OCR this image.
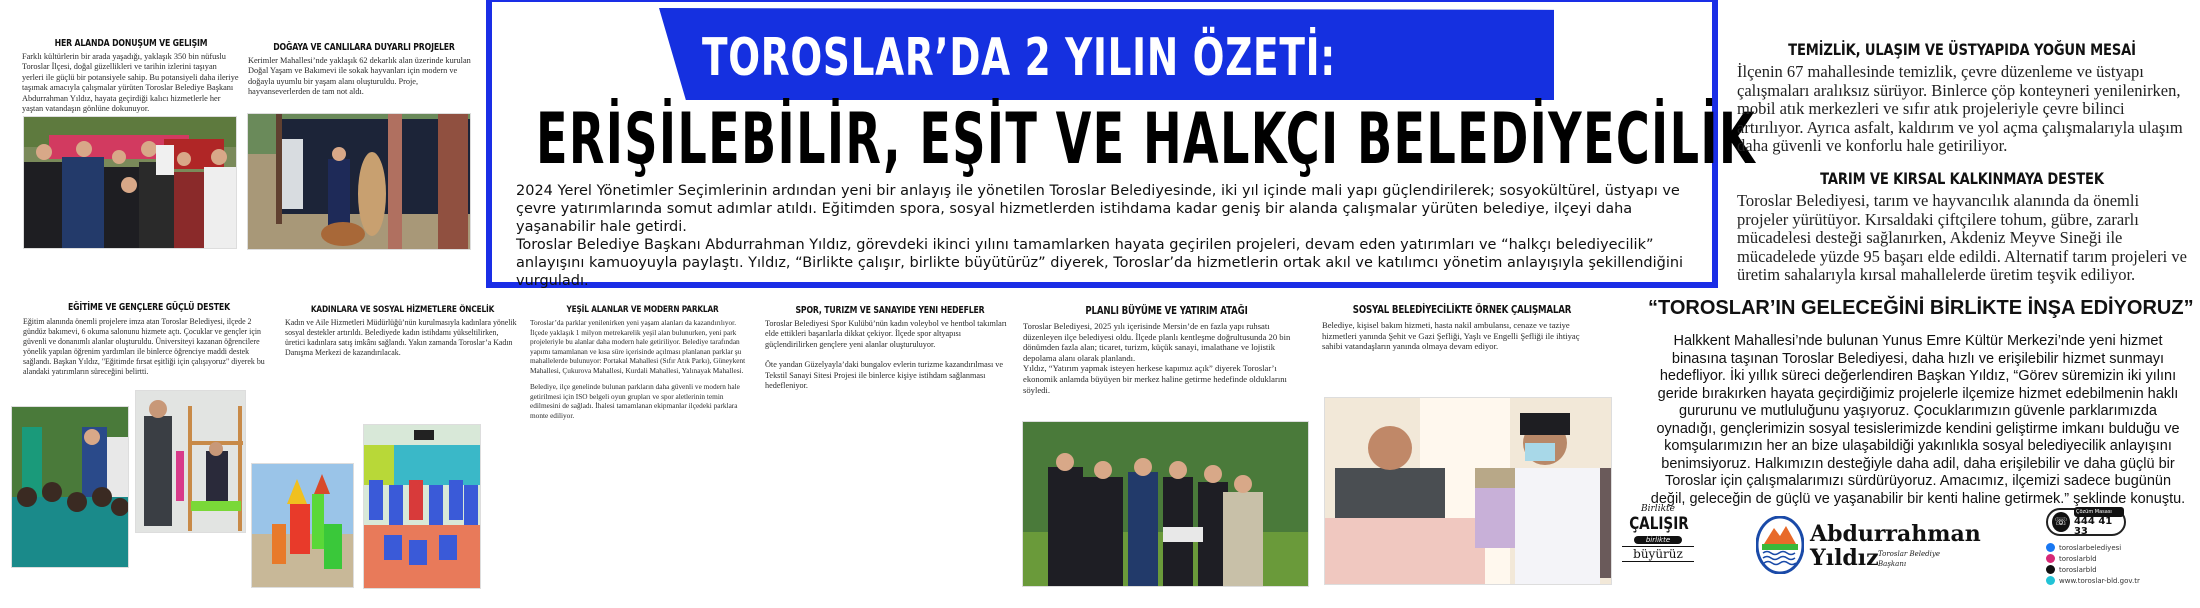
HER ALANDA DÖNÜŞÜM VE GELİŞİM
Farklı kültürlerin bir arada yaşadığı, yaklaşık 350 bin nüfuslu Toroslar İlçesi, doğal güzellikleri ve tarihin izlerini taşıyan yerleri ile güçlü bir potansiyele sahip. Bu potansiyeli daha ileriye taşımak amacıyla çalışmalar yürüten Toroslar Belediye Başkanı Abdurrahman Yıldız, hayata geçirdiği kalıcı hizmetlerle her yaştan vatandaşın gönlüne dokunuyor.
DOĞAYA VE CANLILARA DUYARLI PROJELER
Kerimler Mahallesi’nde yaklaşık 62 dekarlık alan üzerinde kurulan Doğal Yaşam ve Bakımevi ile sokak hayvanları için modern ve doğayla uyumlu bir yaşam alanı oluşturuldu. Proje, hayvanseverlerden de tam not aldı.
TOROSLAR’DA 2 YILIN ÖZETİ:
ERİŞİLEBİLİR, EŞİT VE HALKÇI BELEDİYECİLİK

2024 Yerel Yönetimler Seçimlerinin ardından yeni bir anlayış ile yönetilen Toroslar Belediyesinde, iki yıl içinde mali yapı güçlendirilerek; sosyokültürel, üstyapı ve çevre yatırımlarında somut adımlar atıldı. Eğitimden spora, sosyal hizmetlerden istihdama kadar geniş bir alanda çalışmalar yürüten belediye, ilçeyi daha yaşanabilir hale getirdi.

Toroslar Belediye Başkanı Abdurrahman Yıldız, görevdeki ikinci yılını tamamlarken hayata geçirilen projeleri, devam eden yatırımları ve “halkçı belediyecilik” anlayışını kamuoyuyla paylaştı. Yıldız, “Birlikte çalışır, birlikte büyütürüz” diyerek, Toroslar’da hizmetlerin ortak akıl ve katılımcı yönetim anlayışıyla şekillendiğini vurguladı.

TEMİZLİK, ULAŞIM VE ÜSTYAPIDA YOĞUN MESAİ
İlçenin 67 mahallesinde temizlik, çevre düzenleme ve üstyapı çalışmaları aralıksız sürüyor. Binlerce çöp konteyneri yenilenirken, mobil atık merkezleri ve sıfır atık projeleriyle çevre bilinci artırılıyor. Ayrıca asfalt, kaldırım ve yol açma çalışmalarıyla ulaşım daha güvenli ve konforlu hale getiriliyor.
TARIM VE KIRSAL KALKINMAYA DESTEK
Toroslar Belediyesi, tarım ve hayvancılık alanında da önemli projeler yürütüyor. Kırsaldaki çiftçilere tohum, gübre, zararlı mücadelesi desteği sağlanırken, Akdeniz Meyve Sineği ile mücadelede yüzde 95 başarı elde edildi. Alternatif tarım projeleri ve üretim sahalarıyla kırsal mahallelerde üretim teşvik ediliyor.
EĞİTİME VE GENÇLERE GÜÇLÜ DESTEK
Eğitim alanında önemli projelere imza atan Toroslar Belediyesi, ilçede 2 gündüz bakımevi, 6 okuma salonunu hizmete açtı. Çocuklar ve gençler için güvenli ve donanımlı alanlar oluşturuldu. Üniversiteyi kazanan öğrencilere yönelik yapılan öğrenim yardımları ile binlerce öğrenciye maddi destek sağlandı. Başkan Yıldız, "Eğitimde fırsat eşitliği için çalışıyoruz" diyerek bu alandaki yatırımların süreceğini belirtti.
KADINLARA VE SOSYAL HİZMETLERE ÖNCELİK
Kadın ve Aile Hizmetleri Müdürlüğü’nün kurulmasıyla kadınlara yönelik sosyal destekler artırıldı. Belediyede kadın istihdamı yükseltilirken, üretici kadınlara satış imkânı sağlandı. Yakın zamanda Toroslar’a Kadın Danışma Merkezi de kazandırılacak.
YEŞİL ALANLAR VE MODERN PARKLAR
Toroslar’da parklar yenilenirken yeni yaşam alanları da kazandırılıyor. İlçede yaklaşık 1 milyon metrekarelik yeşil alan bulunurken, yeni park projeleriyle bu alanlar daha modern hale getiriliyor. Belediye tarafından yapımı tamamlanan ve kısa süre içerisinde açılması planlanan parklar şu mahallelerde bulunuyor: Portakal Mahallesi (Sıfır Atık Parkı), Güneykent Mahallesi, Çukurova Mahallesi, Kurdali Mahallesi, Yalınayak Mahallesi.
Belediye, ilçe genelinde bulunan parkların daha güvenli ve modern hale getirilmesi için ISO belgeli oyun grupları ve spor aletlerinin temin edilmesini de sağladı. İhalesi tamamlanan ekipmanlar ilçedeki parklara monte ediliyor.
SPOR, TURİZM VE SANAYİDE YENİ HEDEFLER
Toroslar Belediyesi Spor Kulübü’nün kadın voleybol ve hentbol takımları elde ettikleri başarılarla dikkat çekiyor. İlçede spor altyapısı güçlendirilirken gençlere yeni alanlar oluşturuluyor.
Öte yandan Güzelyayla’daki bungalov evlerin turizme kazandırılması ve Tekstil Sanayi Sitesi Projesi ile binlerce kişiye istihdam sağlanması hedefleniyor.
PLANLI BÜYÜME VE YATIRIM ATAĞI
Toroslar Belediyesi, 2025 yılı içerisinde Mersin’de en fazla yapı ruhsatı düzenleyen ilçe belediyesi oldu. İlçede planlı kentleşme doğrultusunda 20 bin dönümden fazla alan; ticaret, turizm, küçük sanayi, imalathane ve lojistik depolama alanı olarak planlandı.
Yıldız, “Yatırım yapmak isteyen herkese kapımız açık” diyerek Toroslar’ı ekonomik anlamda büyüyen bir merkez haline getirme hedefinde olduklarını söyledi.
SOSYAL BELEDİYECİLİKTE ÖRNEK ÇALIŞMALAR
Belediye, kişisel bakım hizmeti, hasta nakil ambulansı, cenaze ve taziye hizmetleri yanında Şehit ve Gazi Şefliği, Yaşlı ve Engelli Şefliği ile ihtiyaç sahibi vatandaşların yanında olmaya devam ediyor.
“TOROSLAR’IN GELECEĞİNİ BİRLİKTE İNŞA EDİYORUZ”
Halkkent Mahallesi’nde bulunan Yunus Emre Kültür Merkezi’nde yeni hizmet binasına taşınan Toroslar Belediyesi, daha hızlı ve erişilebilir hizmet sunmayı hedefliyor. İki yıllık süreci değerlendiren Başkan Yıldız, “Görev süremizin iki yılını geride bırakırken hayata geçirdiğimiz projelerle ilçemize hizmet edebilmenin haklı gururunu ve mutluluğunu yaşıyoruz. Çocuklarımızın güvenle parklarımızda oynadığı, gençlerimizin sosyal tesislerimizde kendini geliştirme imkanı bulduğu ve komşularımızın her an bize ulaşabildiği yakınlıkla sosyal belediyecilik anlayışını benimsiyoruz. Halkımızın desteğiyle daha adil, daha erişilebilir ve daha güçlü bir Toroslar için çalışmalarımızı sürdürüyoruz. Amacımız, ilçemizi sadece bugünün değil, geleceğin de güçlü ve yaşanabilir bir kenti haline getirmek.” şeklinde konuştu.
Birlikte
ÇALIŞIR
birlikte
büyürüz
Abdurrahman
Yıldız Toroslar Belediye
Başkanı
☏
Çözüm Masası
444 41 33
toroslarbelediyesi
toroslarbld
toroslarbld
www.toroslar-bld.gov.tr
